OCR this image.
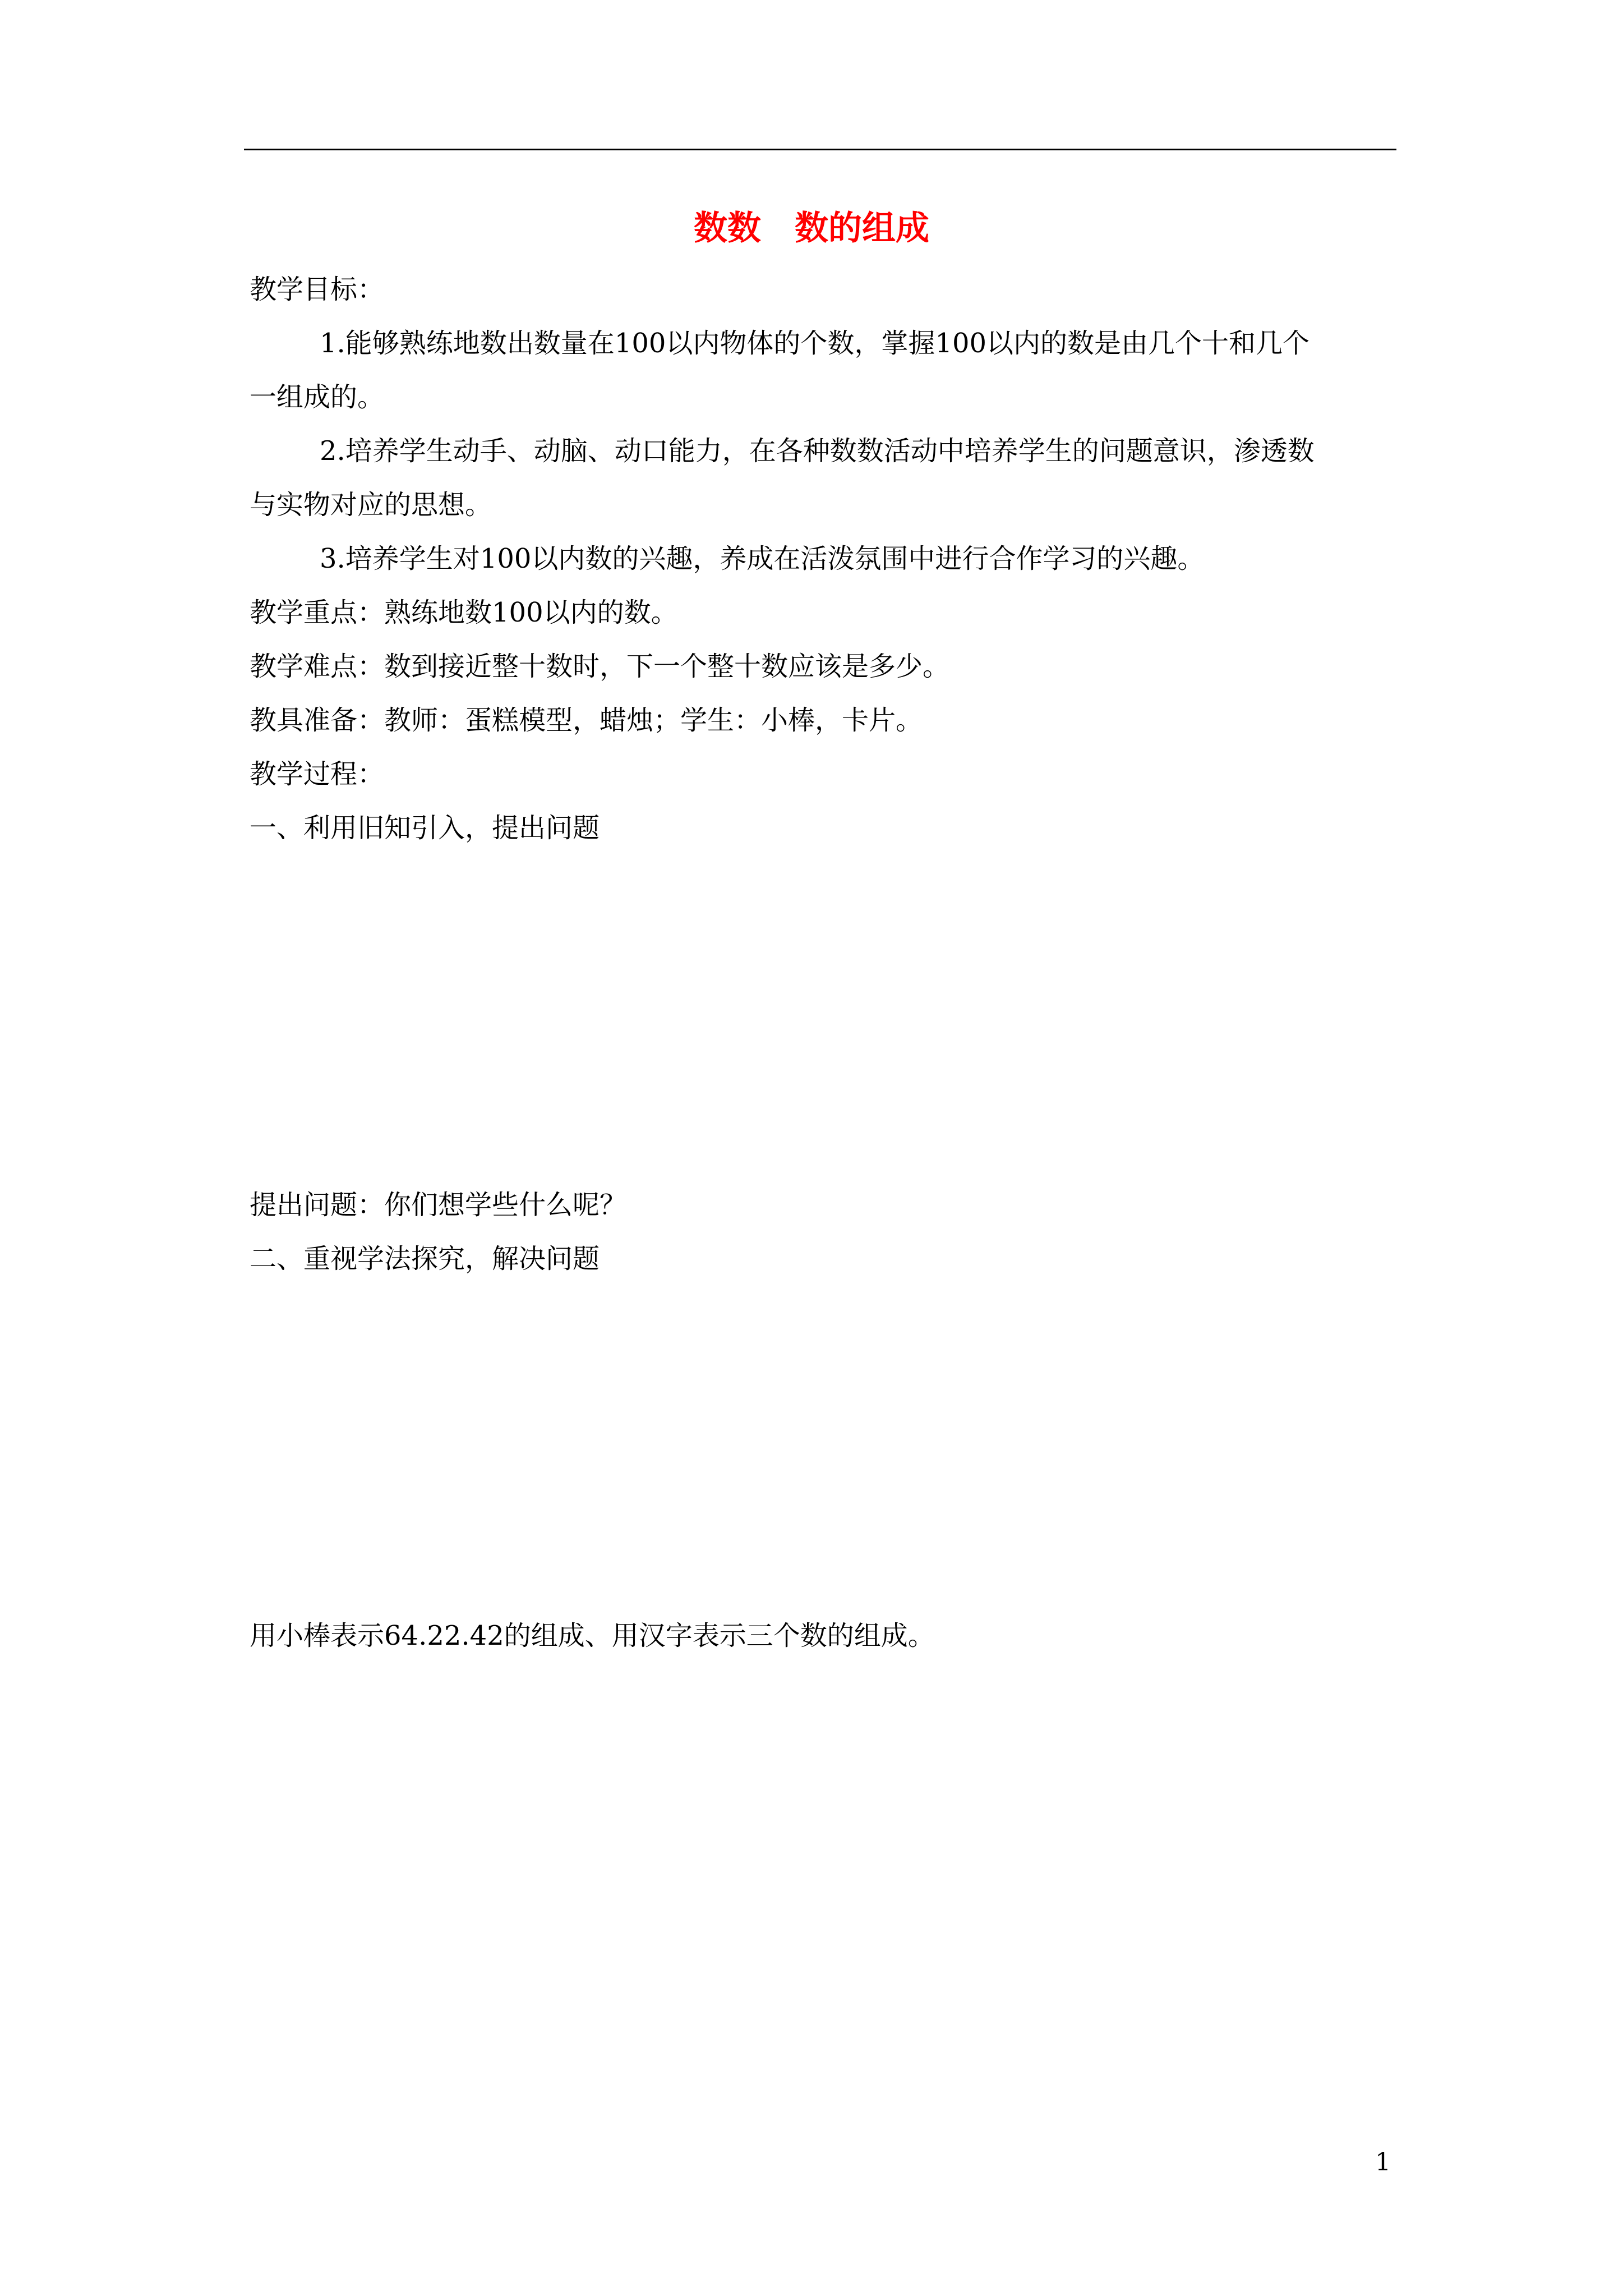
数数　数的组成
教学目标：
1.能够熟练地数出数量在100以内物体的个数，掌握100以内的数是由几个十和几个
一组成的。
2.培养学生动手、动脑、动口能力，在各种数数活动中培养学生的问题意识，渗透数
与实物对应的思想。
3.培养学生对100以内数的兴趣，养成在活泼氛围中进行合作学习的兴趣。
教学重点：熟练地数100以内的数。
教学难点：数到接近整十数时，下一个整十数应该是多少。
教具准备：教师：蛋糕模型，蜡烛；学生：小棒，卡片。
教学过程：
一、利用旧知引入，提出问题

提出问题：你们想学些什么呢？
二、重视学法探究，解决问题

用小棒表示64.22.42的组成、用汉字表示三个数的组成。

1
